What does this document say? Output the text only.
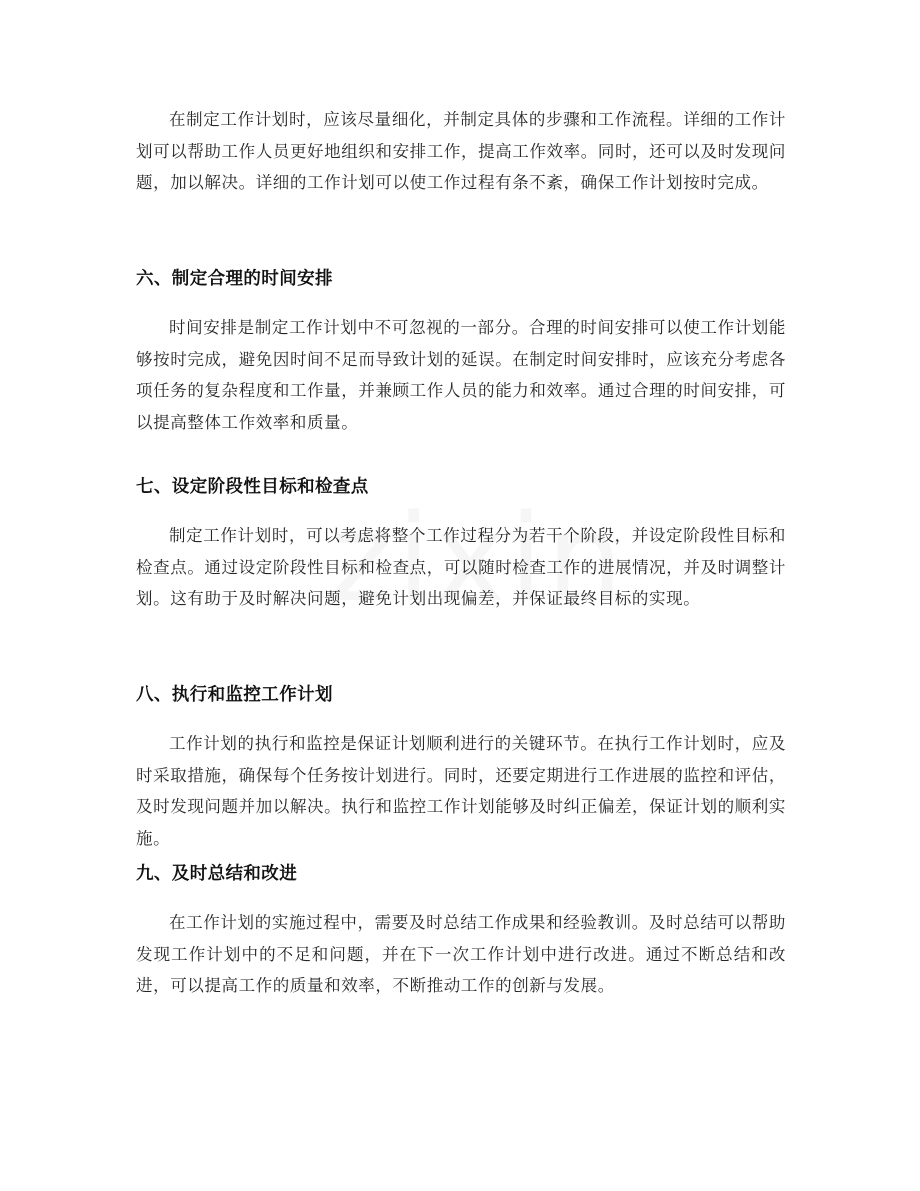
在制定工作计划时，应该尽量细化，并制定具体的步骤和工作流程。详细的工作计划可以帮助工作人员更好地组织和安排工作，提高工作效率。同时，还可以及时发现问题，加以解决。详细的工作计划可以使工作过程有条不紊，确保工作计划按时完成。

六、制定合理的时间安排

时间安排是制定工作计划中不可忽视的一部分。合理的时间安排可以使工作计划能够按时完成，避免因时间不足而导致计划的延误。在制定时间安排时，应该充分考虑各项任务的复杂程度和工作量，并兼顾工作人员的能力和效率。通过合理的时间安排，可以提高整体工作效率和质量。

七、设定阶段性目标和检查点

制定工作计划时，可以考虑将整个工作过程分为若干个阶段，并设定阶段性目标和检查点。通过设定阶段性目标和检查点，可以随时检查工作的进展情况，并及时调整计划。这有助于及时解决问题，避免计划出现偏差，并保证最终目标的实现。

八、执行和监控工作计划

工作计划的执行和监控是保证计划顺利进行的关键环节。在执行工作计划时，应及时采取措施，确保每个任务按计划进行。同时，还要定期进行工作进展的监控和评估，及时发现问题并加以解决。执行和监控工作计划能够及时纠正偏差，保证计划的顺利实施。

九、及时总结和改进

在工作计划的实施过程中，需要及时总结工作成果和经验教训。及时总结可以帮助发现工作计划中的不足和问题，并在下一次工作计划中进行改进。通过不断总结和改进，可以提高工作的质量和效率，不断推动工作的创新与发展。
